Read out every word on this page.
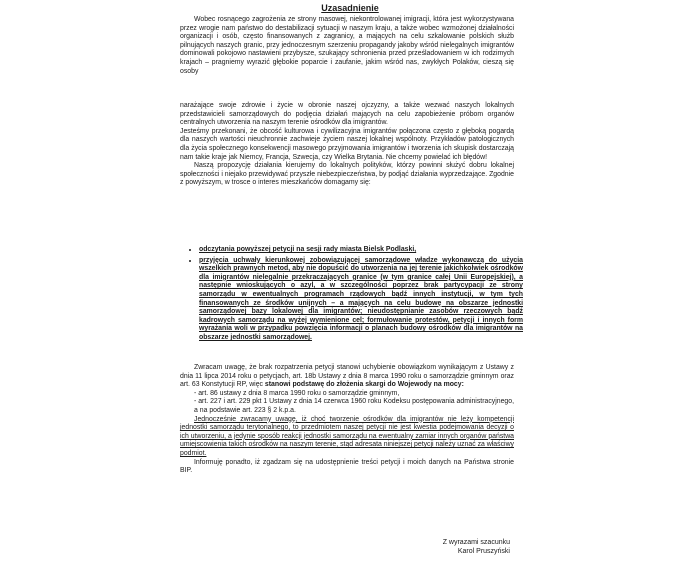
Uzasadnienie

Wobec rosnącego zagrożenia ze strony masowej, niekontrolowanej imigracji, która jest wykorzystywana przez wrogie nam państwo do destabilizacji sytuacji w naszym kraju, a także wobec wzmożonej działalności organizacji i osób, często finansowanych z zagranicy, a mających na celu szkalowanie polskich służb pilnujących naszych granic, przy jednoczesnym szerzeniu propagandy jakoby wśród nielegalnych imigrantów dominowali pokojowo nastawieni przybysze, szukający schronienia przed prześladowaniem w ich rodzimych krajach – pragniemy wyrazić głębokie poparcie i zaufanie, jakim wśród nas, zwykłych Polaków, cieszą się osoby

narażające swoje zdrowie i życie w obronie naszej ojczyzny, a także wezwać naszych lokalnych przedstawicieli samorządowych do podjęcia działań mających na celu zapobieżenie próbom organów centralnych utworzenia na naszym terenie ośrodków dla imigrantów.

Jesteśmy przekonani, że obcość kulturowa i cywilizacyjna imigrantów połączona często z głęboką pogardą dla naszych wartości nieuchronnie zachwieje życiem naszej lokalnej wspólnoty. Przykładów patologicznych dla życia społecznego konsekwencji masowego przyjmowania imigrantów i tworzenia ich skupisk dostarczają nam takie kraje jak Niemcy, Francja, Szwecja, czy Wielka Brytania. Nie chcemy powielać ich błędów!

Naszą propozycję działania kierujemy do lokalnych polityków, którzy powinni służyć dobru lokalnej społeczności i niejako przewidywać przyszłe niebezpieczeństwa, by podjąć działania wyprzedzające. Zgodnie z powyższym, w trosce o interes mieszkańców domagamy się:

• odczytania powyższej petycji na sesji rady miasta Bielsk Podlaski,
• przyjęcia uchwały kierunkowej zobowiązującej samorządowe władze wykonawczą do użycia wszelkich prawnych metod, aby nie dopuścić do utworzenia na jej terenie jakichkolwiek ośrodków dla imigrantów nielegalnie przekraczających granice (w tym granice całej Unii Europejskiej), a następnie wnioskujących o azyl, a w szczególności poprzez brak partycypacji ze strony samorządu w ewentualnych programach rządowych bądź innych instytucji, w tym tych finansowanych ze środków unijnych – a mających na celu budowę na obszarze jednostki samorządowej bazy lokalowej dla imigrantów; nieudostępnianie zasobów rzeczowych bądź kadrowych samorządu na wyżej wymienione cel; formułowanie protestów, petycji i innych form wyrażania woli w przypadku powzięcia informacji o planach budowy ośrodków dla imigrantów na obszarze jednostki samorządowej.

Zwracam uwagę, że brak rozpatrzenia petycji stanowi uchybienie obowiązkom wynikającym z Ustawy z dnia 11 lipca 2014 roku o petycjach, art. 18b Ustawy z dnia 8 marca 1990 roku o samorządzie gminnym oraz art. 63 Konstytucji RP, więc stanowi podstawę do złożenia skargi do Wojewody na mocy:

- art. 86 ustawy z dnia 8 marca 1990 roku o samorządzie gminnym,

- art. 227 i art. 229 pkt 1 Ustawy z dnia 14 czerwca 1960 roku Kodeksu postępowania administracyjnego, a na podstawie art. 223 § 2 k.p.a.

Jednocześnie zwracamy uwagę, iż choć tworzenie ośrodków dla imigrantów nie leży kompetencji jednostki samorządu terytorialnego, to przedmiotem naszej petycji nie jest kwestia podejmowania decyzji o ich utworzeniu, a jedynie sposób reakcji jednostki samorządu na ewentualny zamiar innych organów państwa umiejscowienia takich ośrodków na naszym terenie, stąd adresata niniejszej petycji należy uznać za właściwy podmiot.

Informuję ponadto, iż zgadzam się na udostępnienie treści petycji i moich danych na Państwa stronie BIP.

Z wyrazami szacunku
Karol Pruszyński
